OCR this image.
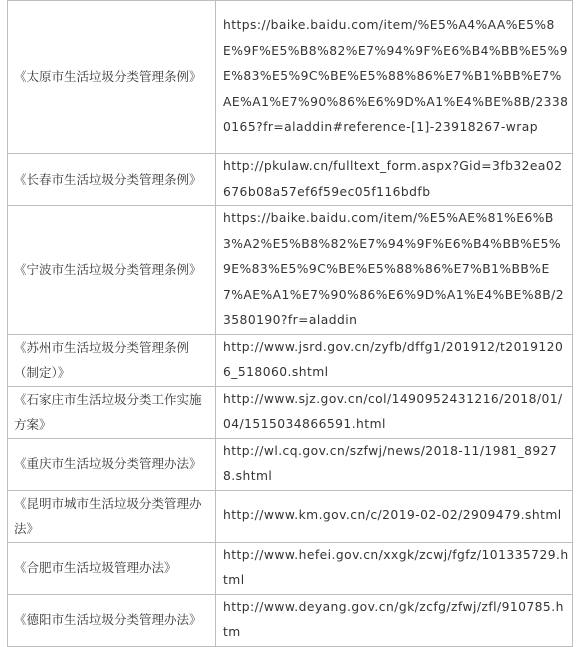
《太原市生活垃圾分类管理条例》	https://baike.baidu.com/item/%E5%A4%AA%E5%8E%9F%E5%B8%82%E7%94%9F%E6%B4%BB%E5%9E%83%E5%9C%BE%E5%88%86%E7%B1%BB%E7%AE%A1%E7%90%86%E6%9D%A1%E4%BE%8B/23380165?fr=aladdin#reference-[1]-23918267-wrap
《长春市生活垃圾分类管理条例》	http://pkulaw.cn/fulltext_form.aspx?Gid=3fb32ea02676b08a57ef6f59ec05f116bdfb
《宁波市生活垃圾分类管理条例》	https://baike.baidu.com/item/%E5%AE%81%E6%B3%A2%E5%B8%82%E7%94%9F%E6%B4%BB%E5%9E%83%E5%9C%BE%E5%88%86%E7%B1%BB%E7%AE%A1%E7%90%86%E6%9D%A1%E4%BE%8B/23580190?fr=aladdin
《苏州市生活垃圾分类管理条例（制定）》	http://www.jsrd.gov.cn/zyfb/dffg1/201912/t20191206_518060.shtml
《石家庄市生活垃圾分类工作实施方案》	http://www.sjz.gov.cn/col/1490952431216/2018/01/04/1515034866591.html
《重庆市生活垃圾分类管理办法》	http://wl.cq.gov.cn/szfwj/news/2018-11/1981_89278.shtml
《昆明市城市生活垃圾分类管理办法》	http://www.km.gov.cn/c/2019-02-02/2909479.shtml
《合肥市生活垃圾管理办法》	http://www.hefei.gov.cn/xxgk/zcwj/fgfz/101335729.html
《德阳市生活垃圾分类管理办法》	http://www.deyang.gov.cn/gk/zcfg/zfwj/zfl/910785.htm
